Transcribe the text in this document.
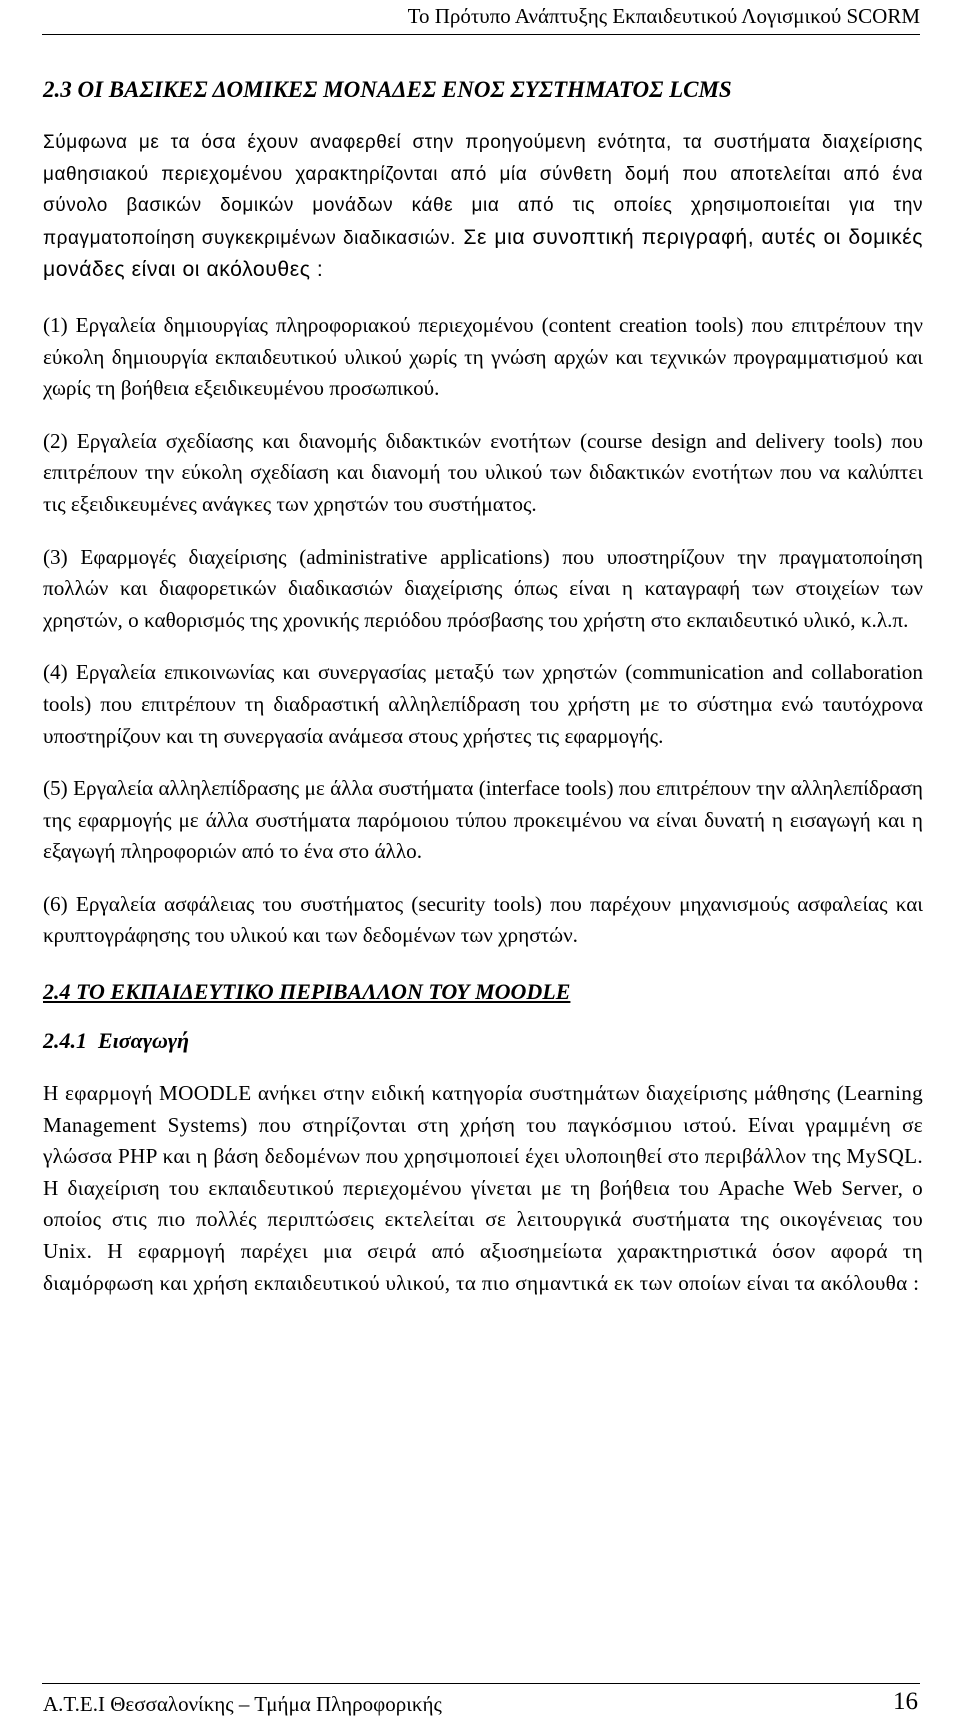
Το Πρότυπο Ανάπτυξης Εκπαιδευτικού Λογισμικού SCORM
2.3 ΟΙ ΒΑΣΙΚΕΣ ΔΟΜΙΚΕΣ ΜΟΝΑΔΕΣ ΕΝΟΣ ΣΥΣΤΗΜΑΤΟΣ LCMS

Σύμφωνα με τα όσα έχουν αναφερθεί στην προηγούμενη ενότητα, τα συστήματα διαχείρισης μαθησιακού περιεχομένου χαρακτηρίζονται από μία σύνθετη δομή που αποτελείται από ένα σύνολο βασικών δομικών μονάδων κάθε μια από τις οποίες χρησιμοποιείται για την πραγματοποίηση συγκεκριμένων διαδικασιών. Σε μια συνοπτική περιγραφή, αυτές οι δομικές μονάδες είναι οι ακόλουθες :

(1) Εργαλεία δημιουργίας πληροφοριακού περιεχομένου (content creation tools) που επιτρέπουν την εύκολη δημιουργία εκπαιδευτικού υλικού χωρίς τη γνώση αρχών και τεχνικών προγραμματισμού και χωρίς τη βοήθεια εξειδικευμένου προσωπικού.

(2) Εργαλεία σχεδίασης και διανομής διδακτικών ενοτήτων (course design and delivery tools) που επιτρέπουν την εύκολη σχεδίαση και διανομή του υλικού των διδακτικών ενοτήτων που να καλύπτει τις εξειδικευμένες ανάγκες των χρηστών του συστήματος.

(3) Εφαρμογές διαχείρισης (administrative applications) που υποστηρίζουν την πραγματοποίηση πολλών και διαφορετικών διαδικασιών διαχείρισης όπως είναι η καταγραφή των στοιχείων των χρηστών, ο καθορισμός της χρονικής περιόδου πρόσβασης του χρήστη στο εκπαιδευτικό υλικό, κ.λ.π.

(4) Εργαλεία επικοινωνίας και συνεργασίας μεταξύ των χρηστών (communication and collaboration tools) που επιτρέπουν τη διαδραστική αλληλεπίδραση του χρήστη με το σύστημα ενώ ταυτόχρονα υποστηρίζουν και τη συνεργασία ανάμεσα στους χρήστες τις εφαρμογής.

(5) Εργαλεία αλληλεπίδρασης με άλλα συστήματα (interface tools) που επιτρέπουν την αλληλεπίδραση της εφαρμογής με άλλα συστήματα παρόμοιου τύπου προκειμένου να είναι δυνατή η εισαγωγή και η εξαγωγή πληροφοριών από το ένα στο άλλο.

(6) Εργαλεία ασφάλειας του συστήματος (security tools) που παρέχουν μηχανισμούς ασφαλείας και κρυπτογράφησης του υλικού και των δεδομένων των χρηστών.

2.4 ΤΟ ΕΚΠΑΙΔΕΥΤΙΚΟ ΠΕΡΙΒΑΛΛΟΝ ΤΟΥ MOODLE
2.4.1 Εισαγωγή

Η εφαρμογή MOODLE ανήκει στην ειδική κατηγορία συστημάτων διαχείρισης μάθησης (Learning Management Systems) που στηρίζονται στη χρήση του παγκόσμιου ιστού. Είναι γραμμένη σε γλώσσα PHP και η βάση δεδομένων που χρησιμοποιεί έχει υλοποιηθεί στο περιβάλλον της MySQL. Η διαχείριση του εκπαιδευτικού περιεχομένου γίνεται με τη βοήθεια του Apache Web Server, ο οποίος στις πιο πολλές περιπτώσεις εκτελείται σε λειτουργικά συστήματα της οικογένειας του Unix. Η εφαρμογή παρέχει μια σειρά από αξιοσημείωτα χαρακτηριστικά όσον αφορά τη διαμόρφωση και χρήση εκπαιδευτικού υλικού, τα πιο σημαντικά εκ των οποίων είναι τα ακόλουθα :

Α.Τ.Ε.Ι Θεσσαλονίκης – Τμήμα Πληροφορικής	16
